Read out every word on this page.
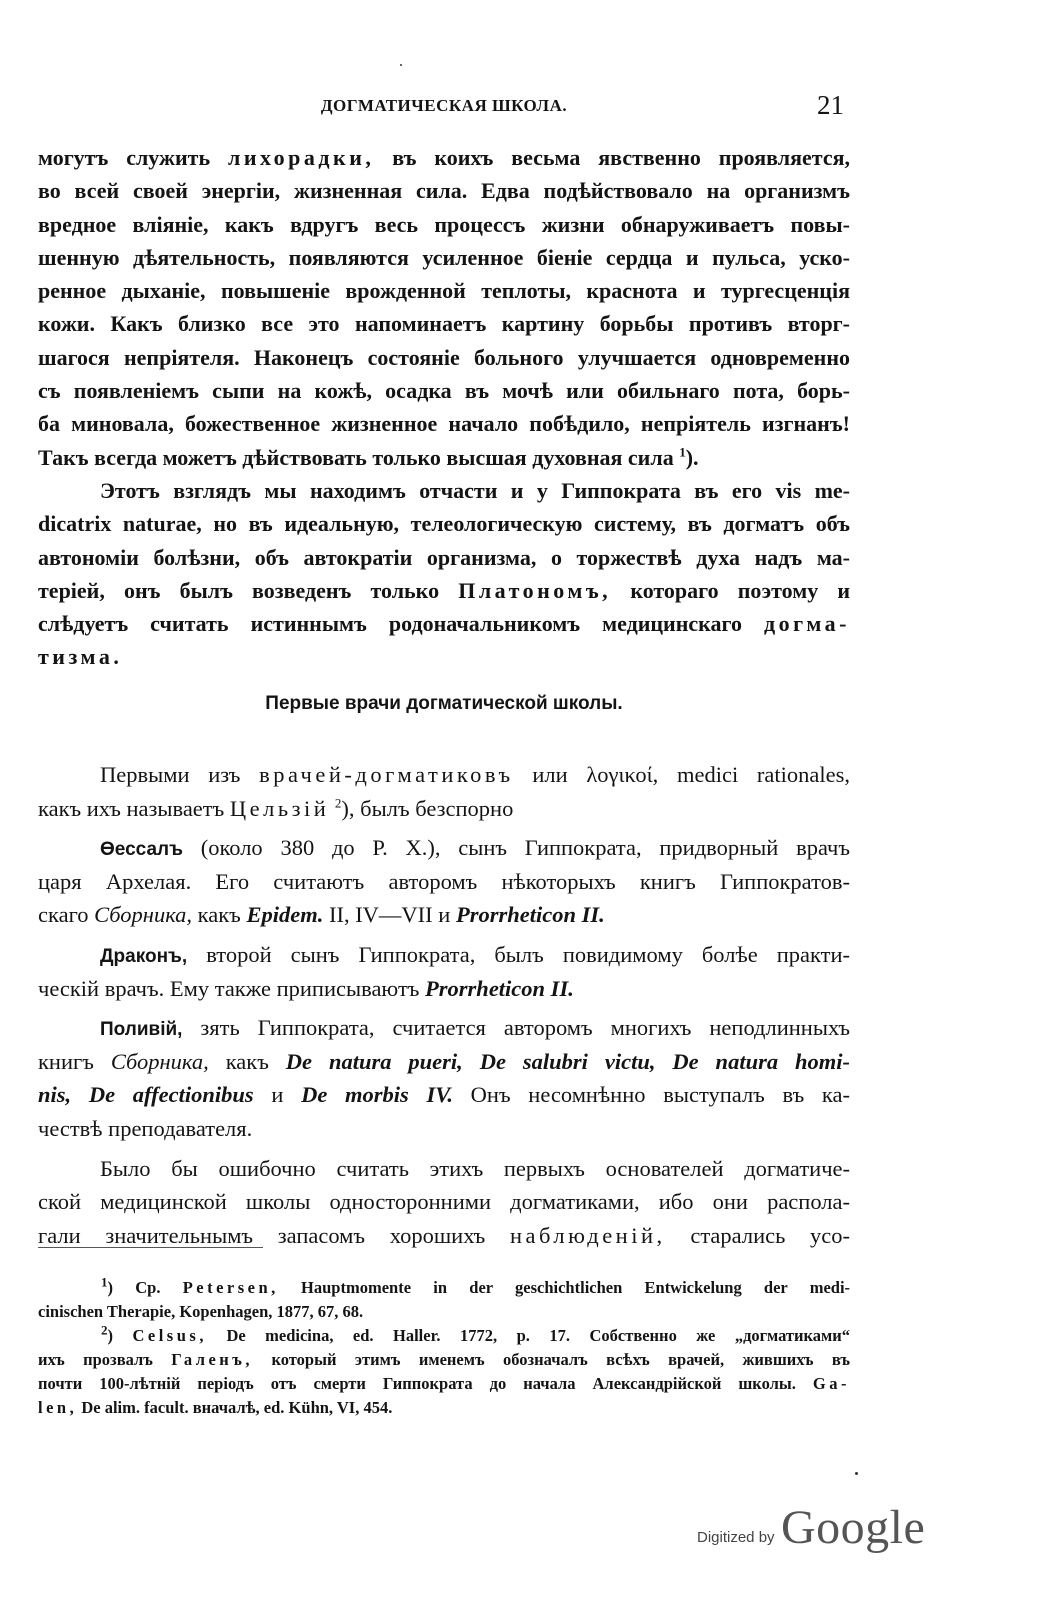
ДОГМАТИЧЕСКАЯ ШКОЛА.	21
могутъ служить лихорадки, въ коихъ весьма явственно проявляется,
во всей своей энергіи, жизненная сила. Едва подѣйствовало на организмъ
вредное вліяніе, какъ вдругъ весь процессъ жизни обнаруживаетъ повы-
шенную дѣятельность, появляются усиленное біеніе сердца и пульса, уско-
ренное дыханіе, повышеніе врожденной теплоты, краснота и тургесценція
кожи. Какъ близко все это напоминаетъ картину борьбы противъ вторг-
шагося непріятеля. Наконецъ состояніе больного улучшается одновременно
съ появленіемъ сыпи на кожѣ, осадка въ мочѣ или обильнаго пота, борь-
ба миновала, божественное жизненное начало побѣдило, непріятель изгнанъ!
Такъ всегда можетъ дѣйствовать только высшая духовная сила $^1$).
Этотъ взглядъ мы находимъ отчасти и у Гиппократа въ его vis me-
dicatrix naturae, но въ идеальную, телеологическую систему, въ догматъ объ
автономіи болѣзни, объ автократіи организма, о торжествѣ духа надъ ма-
теріей, онъ былъ возведенъ только Платономъ, котораго поэтому и
слѣдуетъ считать истиннымъ родоначальникомъ медицинскаго догма-
тизма.
Первые врачи догматической школы.
Первыми изъ врачей-догматиковъ или λογικοί, medici rationales,
какъ ихъ называетъ Цельзій $^2$), былъ безспорно
Өессалъ (около 380 до Р. Х.), сынъ Гиппократа, придворный врачъ
царя Архелая. Его считаютъ авторомъ нѣкоторыхъ книгъ Гиппократов-
скаго Сборника, какъ Epidem. II, IV—VII и Prorrheticon II.
Драконъ, второй сынъ Гиппократа, былъ повидимому болѣе практи-
ческій врачъ. Ему также приписываютъ Prorrheticon II.
Поливій, зять Гиппократа, считается авторомъ многихъ неподлинныхъ
книгъ Сборника, какъ De natura pueri, De salubri victu, De natura homi-
nis, De affectionibus и De morbis IV. Онъ несомнѣнно выступалъ въ ка-
чествѣ преподавателя.
Было бы ошибочно считать этихъ первыхъ основателей догматиче-
ской медицинской школы односторонними догматиками, ибо они распола-
гали значительнымъ запасомъ хорошихъ наблюденій, старались усо-
$^1$) Cp. Petersen, Hauptmomente in der geschichtlichen Entwickelung der medi-
cinischen Therapie, Kopenhagen, 1877, 67, 68.
$^2$) Celsus, De medicina, ed. Haller. 1772, p. 17. Собственно же „догматиками“
ихъ прозвалъ Галенъ, который этимъ именемъ обозначалъ всѣхъ врачей, жившихъ въ
почти 100-лѣтній періодъ отъ смерти Гиппократа до начала Александрійской школы. Ga-
len, De alim. facult. вначалѣ, ed. Kühn, VI, 454.
Digitized by Google
